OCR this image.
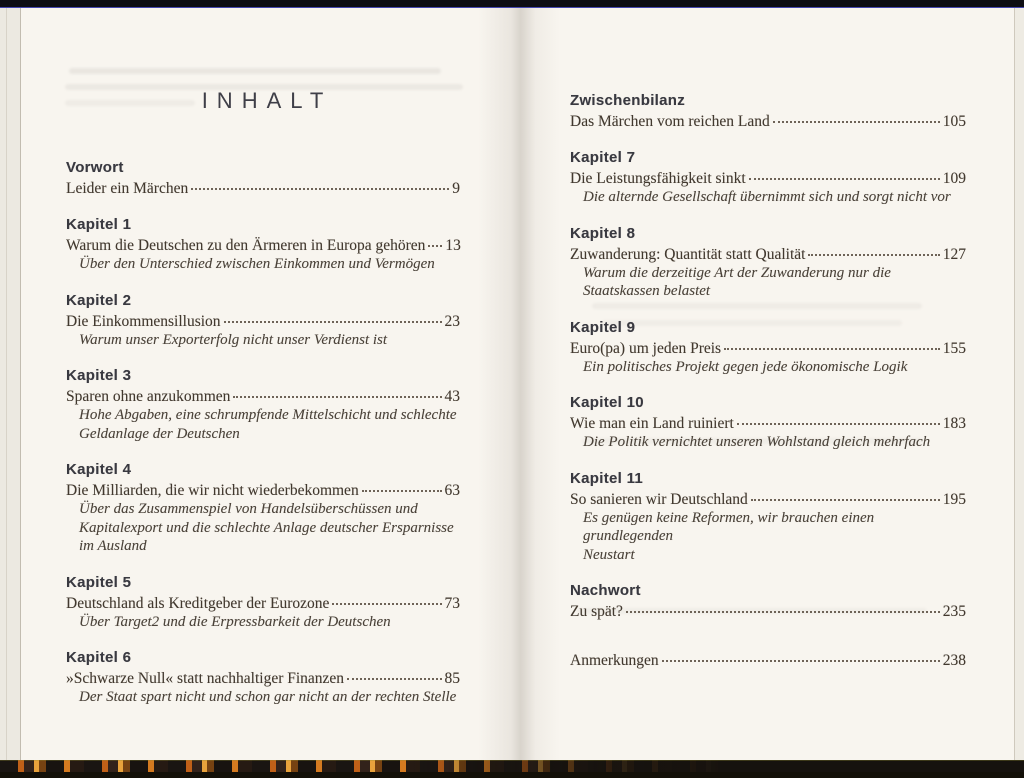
INHALT
Vorwort
Leider ein Märchen	9
Kapitel 1
Warum die Deutschen zu den Ärmeren in Europa gehören 13
Über den Unterschied zwischen Einkommen und Vermögen
Kapitel 2
Die Einkommensillusion	23
Warum unser Exporterfolg nicht unser Verdienst ist
Kapitel 3
Sparen ohne anzukommen	43
Hohe Abgaben, eine schrumpfende Mittelschicht und schlechte
Geldanlage der Deutschen
Kapitel 4
Die Milliarden, die wir nicht wiederbekommen	63
Über das Zusammenspiel von Handelsüberschüssen und
Kapitalexport und die schlechte Anlage deutscher Ersparnisse
im Ausland
Kapitel 5
Deutschland als Kreditgeber der Eurozone	73
Über Target2 und die Erpressbarkeit der Deutschen
Kapitel 6
»Schwarze Null« statt nachhaltiger Finanzen	85
Der Staat spart nicht und schon gar nicht an der rechten Stelle
Zwischenbilanz
Das Märchen vom reichen Land	105
Kapitel 7
Die Leistungsfähigkeit sinkt	109
Die alternde Gesellschaft übernimmt sich und sorgt nicht vor
Kapitel 8
Zuwanderung: Quantität statt Qualität	127
Warum die derzeitige Art der Zuwanderung nur die
Staatskassen belastet
Kapitel 9
Euro(pa) um jeden Preis	155
Ein politisches Projekt gegen jede ökonomische Logik
Kapitel 10
Wie man ein Land ruiniert	183
Die Politik vernichtet unseren Wohlstand gleich mehrfach
Kapitel 11
So sanieren wir Deutschland	195
Es genügen keine Reformen, wir brauchen einen grundlegenden
Neustart
Nachwort
Zu spät?	235
Anmerkungen	238
